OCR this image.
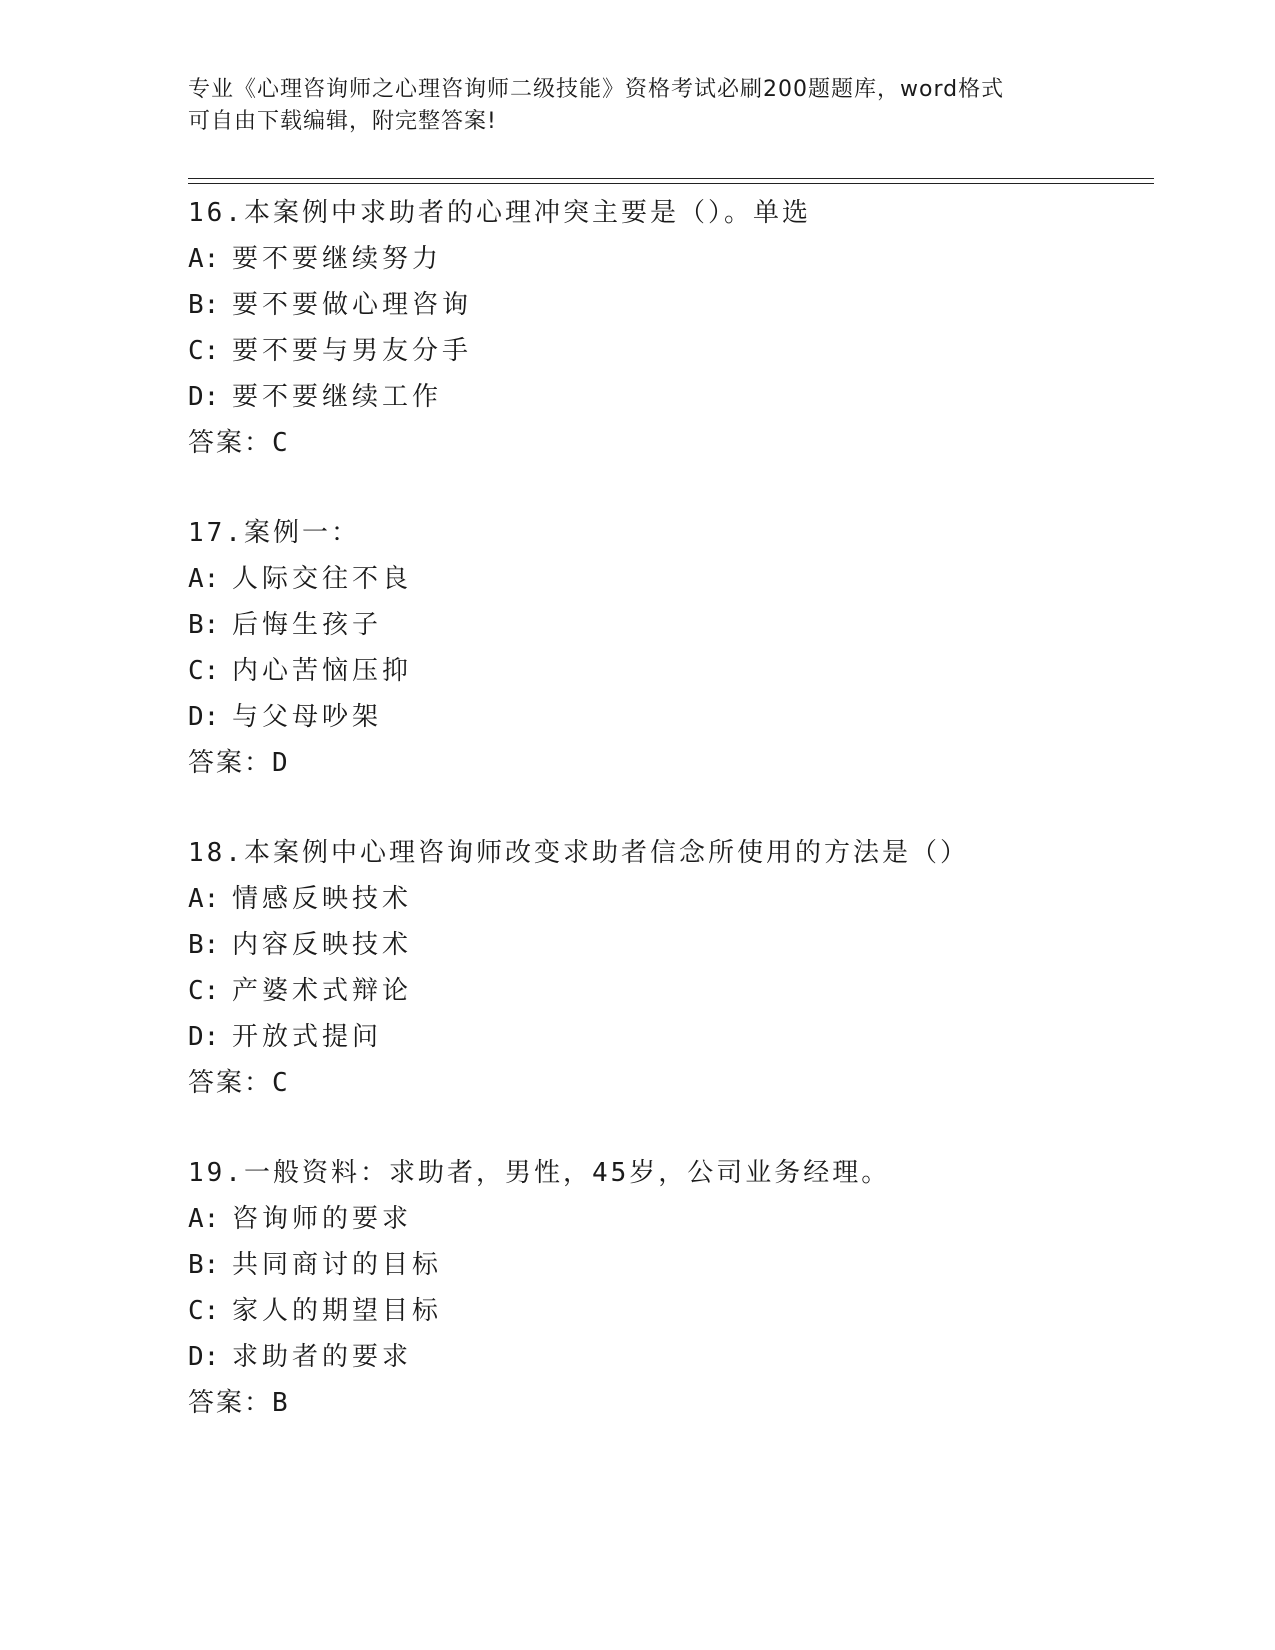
专业《心理咨询师之心理咨询师二级技能》资格考试必刷200题题库，word格式
可自由下载编辑，附完整答案!
16.本案例中求助者的心理冲突主要是（）。单选
A: 要不要继续努力
B: 要不要做心理咨询
C: 要不要与男友分手
D: 要不要继续工作
答案：C
17.案例一：
A: 人际交往不良
B: 后悔生孩子
C: 内心苦恼压抑
D: 与父母吵架
答案：D
18.本案例中心理咨询师改变求助者信念所使用的方法是（）
A: 情感反映技术
B: 内容反映技术
C: 产婆术式辩论
D: 开放式提问
答案：C
19.一般资料：求助者，男性，45岁，公司业务经理。
A: 咨询师的要求
B: 共同商讨的目标
C: 家人的期望目标
D: 求助者的要求
答案：B
